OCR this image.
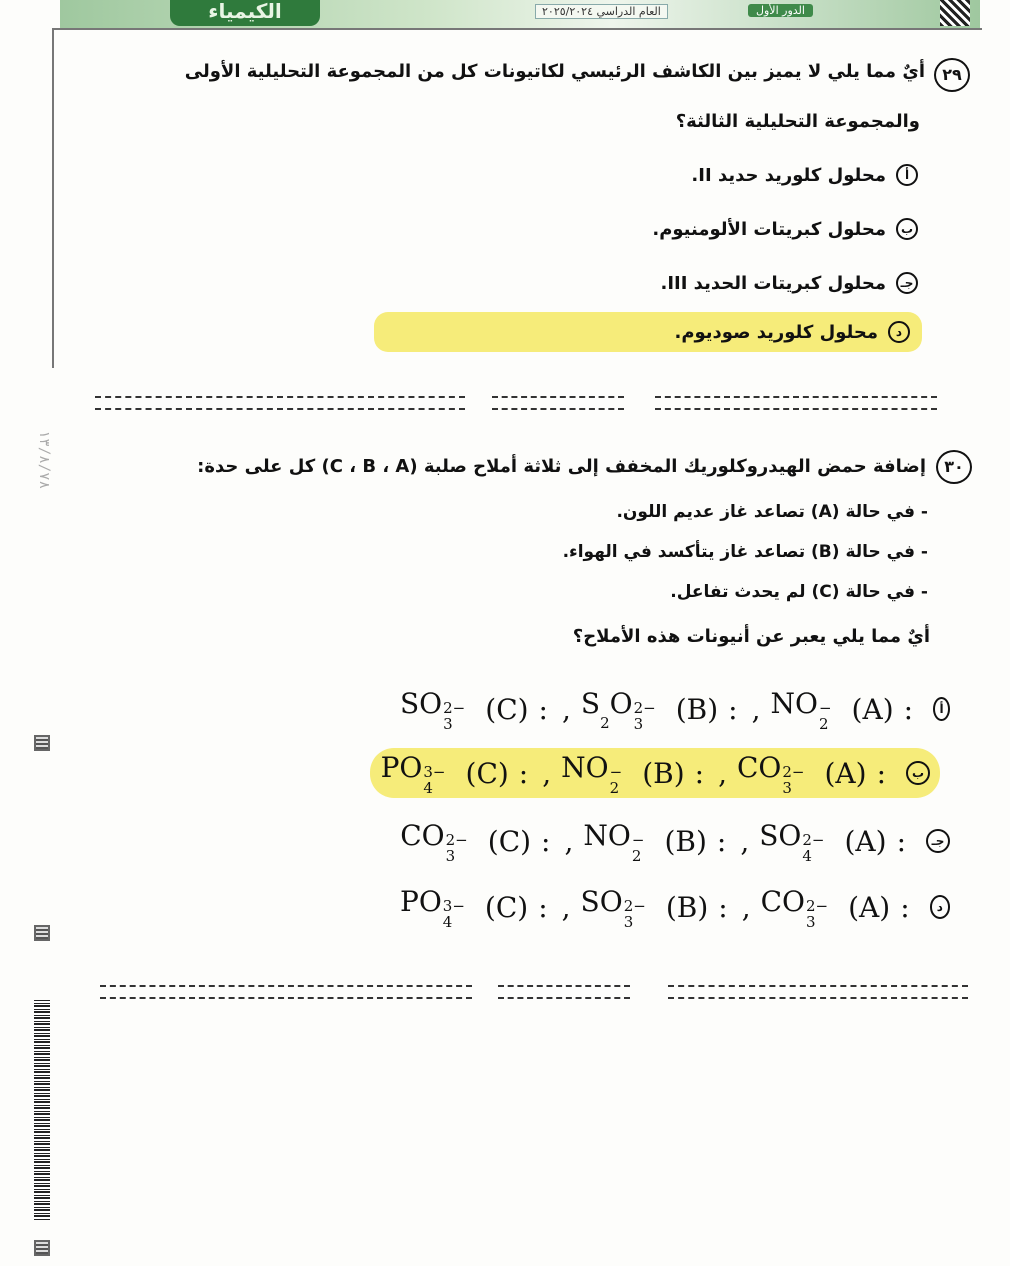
الكيمياء	العام الدراسي ٢٠٢٥/٢٠٢٤	الدور الأول
١٣/٨/٧٨
٢٩
أيٌ مما يلي لا يميز بين الكاشف الرئيسي لكاتيونات كل من المجموعة التحليلية الأولى
والمجموعة التحليلية الثالثة؟
أ
محلول كلوريد حديد II.
ب
محلول كبريتات الألومنيوم.
جـ
محلول كبريتات الحديد III.
د
محلول كلوريد صوديوم.
٣٠
إضافة حمض الهيدروكلوريك المخفف إلى ثلاثة أملاح صلبة (C ، B ، A) كل على حدة:
- في حالة (A) تصاعد غاز عديم اللون.
- في حالة (B) تصاعد غاز يتأكسد في الهواء.
- في حالة (C) لم يحدث تفاعل.
أيٌ مما يلي يعبر عن أنيونات هذه الأملاح؟
SO 2−
3	(C) : , S
2
O 2−
3	(B) : , NO −
2 (A) :	أ
PO 3−
4	(C) : , NO −
2 (B) : , CO 2−
3	(A) :	ب
CO 2−
3	(C) : , NO −
2 (B) : , SO 2−
4	(A) :	جـ
PO 3−
4	(C) : , SO 2−
3	(B) : , CO 2−
3	(A) :	د
